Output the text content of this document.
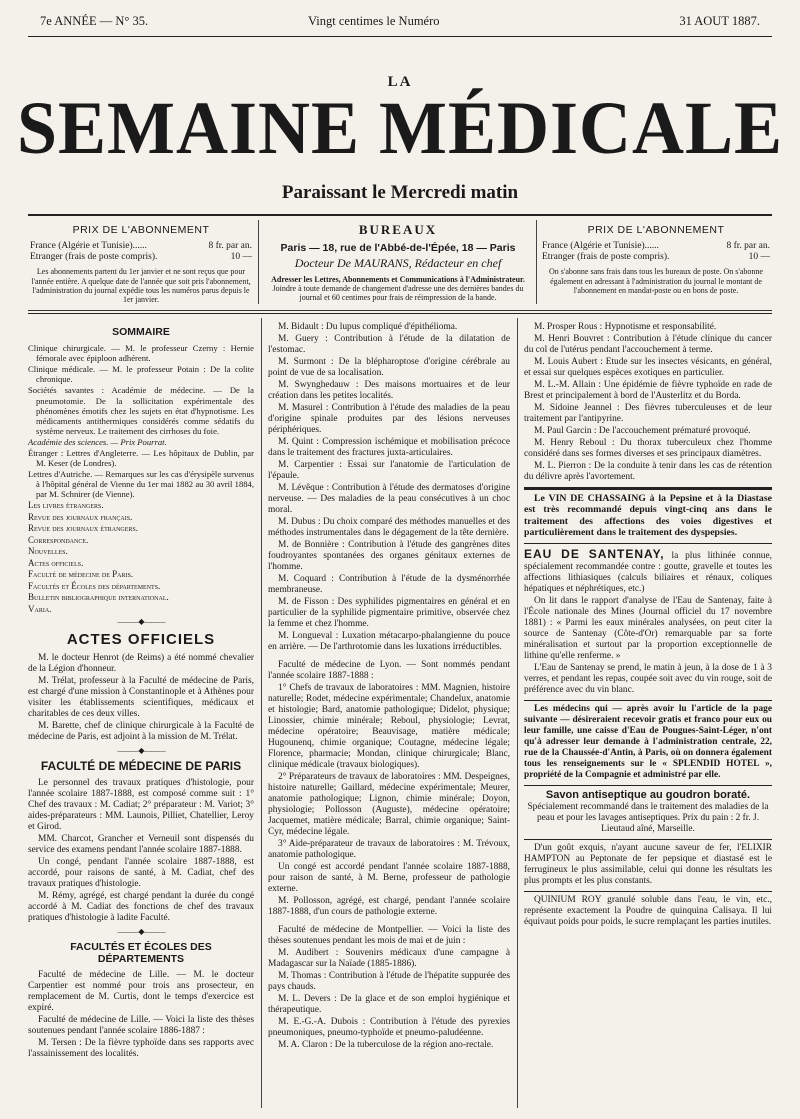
7e ANNÉE — N° 35.	Vingt centimes le Numéro	31 AOUT 1887.
LA
SEMAINE MÉDICALE
Paraissant le Mercredi matin
PRIX DE L'ABONNEMENT
France (Algérie et Tunisie)......	8 fr. par an.
Etranger (frais de poste compris).	10 —

Les abonnements partent du 1er janvier et ne sont reçus que pour l'année entière. A quelque date de l'année que soit pris l'abonnement, l'administration du journal expédie tous les numéros parus depuis le 1er janvier.

BUREAUX
Paris — 18, rue de l'Abbé-de-l'Épée, 18 — Paris
Docteur De MAURANS, Rédacteur en chef

Adresser les Lettres, Abonnements et Communications à l'Administrateur.

Joindre à toute demande de changement d'adresse une des dernières bandes du journal et 60 centimes pour frais de réimpression de la bande.

PRIX DE L'ABONNEMENT
France (Algérie et Tunisie)......	8 fr. par an.
Etranger (frais de poste compris).	10 —

On s'abonne sans frais dans tous les bureaux de poste. On s'abonne également en adressant à l'administration du journal le montant de l'abonnement en mandat-poste ou en bons de poste.

SOMMAIRE

Clinique chirurgicale. — M. le professeur Czerny : Hernie fémorale avec épiploon adhérent.

Clinique médicale. — M. le professeur Potain : De la colite chronique.

Sociétés savantes : Académie de médecine. — De la pneumotomie. De la sollicitation expérimentale des phénomènes émotifs chez les sujets en état d'hypnotisme. Les médicaments antithermiques considérés comme sédatifs du système nerveux. Le traitement des cirrhoses du foie.

Académie des sciences. — Prix Pourrat.

Étranger : Lettres d'Angleterre. — Les hôpitaux de Dublin, par M. Keser (de Londres).

Lettres d'Autriche. — Remarques sur les cas d'érysipèle survenus à l'hôpital général de Vienne du 1er mai 1882 au 30 avril 1884, par M. Schnirer (de Vienne).

Les livres étrangers.

Revue des journaux français.

Revue des journaux étrangers.

Correspondance.

Nouvelles.

Actes officiels.

Faculté de médecine de Paris.

Facultés et Écoles des départements.

Bulletin bibliographique international.

Varia.

———◆———
ACTES OFFICIELS

M. le docteur Henrot (de Reims) a été nommé chevalier de la Légion d'honneur.

M. Trélat, professeur à la Faculté de médecine de Paris, est chargé d'une mission à Constantinople et à Athènes pour visiter les établissements scientifiques, médicaux et charitables de ces deux villes.

M. Barette, chef de clinique chirurgicale à la Faculté de médecine de Paris, est adjoint à la mission de M. Trélat.

———◆———
FACULTÉ DE MÉDECINE DE PARIS

Le personnel des travaux pratiques d'histologie, pour l'année scolaire 1887-1888, est composé comme suit : 1° Chef des travaux : M. Cadiat; 2° préparateur : M. Variot; 3° aides-préparateurs : MM. Launois, Pilliet, Chatellier, Leroy et Girod.

MM. Charcot, Grancher et Verneuil sont dispensés du service des examens pendant l'année scolaire 1887-1888.

Un congé, pendant l'année scolaire 1887-1888, est accordé, pour raisons de santé, à M. Cadiat, chef des travaux pratiques d'histologie.

M. Rémy, agrégé, est chargé pendant la durée du congé accordé à M. Cadiat des fonctions de chef des travaux pratiques d'histologie à ladite Faculté.

———◆———
FACULTÉS ET ÉCOLES DES DÉPARTEMENTS

Faculté de médecine de Lille. — M. le docteur Carpentier est nommé pour trois ans prosecteur, en remplacement de M. Curtis, dont le temps d'exercice est expiré.

Faculté de médecine de Lille. — Voici la liste des thèses soutenues pendant l'année scolaire 1886-1887 :

M. Tersen : De la fièvre typhoïde dans ses rapports avec l'assainissement des localités.

M. Bidault : Du lupus compliqué d'épithélioma.

M. Guery : Contribution à l'étude de la dilatation de l'estomac.

M. Surmont : De la blépharoptose d'origine cérébrale au point de vue de sa localisation.

M. Swynghedauw : Des maisons mortuaires et de leur création dans les petites localités.

M. Masurel : Contribution à l'étude des maladies de la peau d'origine spinale produites par des lésions nerveuses périphériques.

M. Quint : Compression ischémique et mobilisation précoce dans le traitement des fractures juxta-articulaires.

M. Carpentier : Essai sur l'anatomie de l'articulation de l'épaule.

M. Lévêque : Contribution à l'étude des dermatoses d'origine nerveuse. — Des maladies de la peau consécutives à un choc moral.

M. Dubus : Du choix comparé des méthodes manuelles et des méthodes instrumentales dans le dégagement de la tête dernière.

M. de Bonnière : Contribution à l'étude des gangrènes dites foudroyantes spontanées des organes génitaux externes de l'homme.

M. Coquard : Contribution à l'étude de la dysménorrhée membraneuse.

M. de Fisson : Des syphilides pigmentaires en général et en particulier de la syphilide pigmentaire primitive, observée chez la femme et chez l'homme.

M. Longueval : Luxation métacarpo-phalangienne du pouce en arrière. — De l'arthrotomie dans les luxations irréductibles.

Faculté de médecine de Lyon. — Sont nommés pendant l'année scolaire 1887-1888 :

1° Chefs de travaux de laboratoires : MM. Magnien, histoire naturelle; Rodet, médecine expérimentale; Chandelux, anatomie et histologie; Bard, anatomie pathologique; Didelot, physique; Linossier, chimie minérale; Reboul, physiologie; Levrat, médecine opératoire; Beauvisage, matière médicale; Hugounenq, chimie organique; Coutagne, médecine légale; Florence, pharmacie; Mondan, clinique chirurgicale; Blanc, clinique médicale (travaux biologiques).

2° Préparateurs de travaux de laboratoires : MM. Despeignes, histoire naturelle; Gaillard, médecine expérimentale; Meurer, anatomie pathologique; Lignon, chimie minérale; Doyon, physiologie; Pollosson (Auguste), médecine opératoire; Jacquemet, matière médicale; Barral, chimie organique; Saint-Cyr, médecine légale.

3° Aide-préparateur de travaux de laboratoires : M. Trévoux, anatomie pathologique.

Un congé est accordé pendant l'année scolaire 1887-1888, pour raison de santé, à M. Berne, professeur de pathologie externe.

M. Pollosson, agrégé, est chargé, pendant l'année scolaire 1887-1888, d'un cours de pathologie externe.

Faculté de médecine de Montpellier. — Voici la liste des thèses soutenues pendant les mois de mai et de juin :

M. Audibert : Souvenirs médicaux d'une campagne à Madagascar sur la Naïade (1885-1886).

M. Thomas : Contribution à l'étude de l'hépatite suppurée des pays chauds.

M. L. Devers : De la glace et de son emploi hygiénique et thérapeutique.

M. E.-G.-A. Dubois : Contribution à l'étude des pyrexies pneumoniques, pneumo-typhoïde et pneumo-paludéenne.

M. A. Claron : De la tuberculose de la région ano-rectale.

M. Prosper Rous : Hypnotisme et responsabilité.

M. Henri Bouvret : Contribution à l'étude clinique du cancer du col de l'utérus pendant l'accouchement à terme.

M. Louis Aubert : Etude sur les insectes vésicants, en général, et essai sur quelques espèces exotiques en particulier.

M. L.-M. Allain : Une épidémie de fièvre typhoïde en rade de Brest et principalement à bord de l'Austerlitz et du Borda.

M. Sidoine Jeannel : Des fièvres tuberculeuses et de leur traitement par l'antipyrine.

M. Paul Garcin : De l'accouchement prématuré provoqué.

M. Henry Reboul : Du thorax tuberculeux chez l'homme considéré dans ses formes diverses et ses principaux diamètres.

M. L. Pierron : De la conduite à tenir dans les cas de rétention du délivre après l'avortement.

Le VIN DE CHASSAING à la Pepsine et à la Diastase est très recommandé depuis vingt-cinq ans dans le traitement des affections des voies digestives et particulièrement dans le traitement des dyspepsies.

EAU DE SANTENAY, la plus lithinée connue, spécialement recommandée contre : goutte, gravelle et toutes les affections lithiasiques (calculs biliaires et rénaux, coliques hépatiques et néphrétiques, etc.)

On lit dans le rapport d'analyse de l'Eau de Santenay, faite à l'École nationale des Mines (Journal officiel du 17 novembre 1881) : « Parmi les eaux minérales analysées, on peut citer la source de Santenay (Côte-d'Or) remarquable par sa forte minéralisation et surtout par la proportion exceptionnelle de lithine qu'elle renferme. »

L'Eau de Santenay se prend, le matin à jeun, à la dose de 1 à 3 verres, et pendant les repas, coupée soit avec du vin rouge, soit de préférence avec du vin blanc.

Les médecins qui — après avoir lu l'article de la page suivante — désireraient recevoir gratis et franco pour eux ou leur famille, une caisse d'Eau de Pougues-Saint-Léger, n'ont qu'à adresser leur demande à l'administration centrale, 22, rue de la Chaussée-d'Antin, à Paris, où on donnera également tous les renseignements sur le « SPLENDID HOTEL », propriété de la Compagnie et administré par elle.

Savon antiseptique au goudron boraté. Spécialement recommandé dans le traitement des maladies de la peau et pour les lavages antiseptiques. Prix du pain : 2 fr. J. Lieutaud aîné, Marseille.

D'un goût exquis, n'ayant aucune saveur de fer, l'ELIXIR HAMPTON au Peptonate de fer pepsique et diastasé est le ferrugineux le plus assimilable, celui qui donne les résultats les plus prompts et les plus constants.

QUINIUM ROY granulé soluble dans l'eau, le vin, etc., représente exactement la Poudre de quinquina Calisaya. Il lui équivaut poids pour poids, le sucre remplaçant les parties inutiles.
